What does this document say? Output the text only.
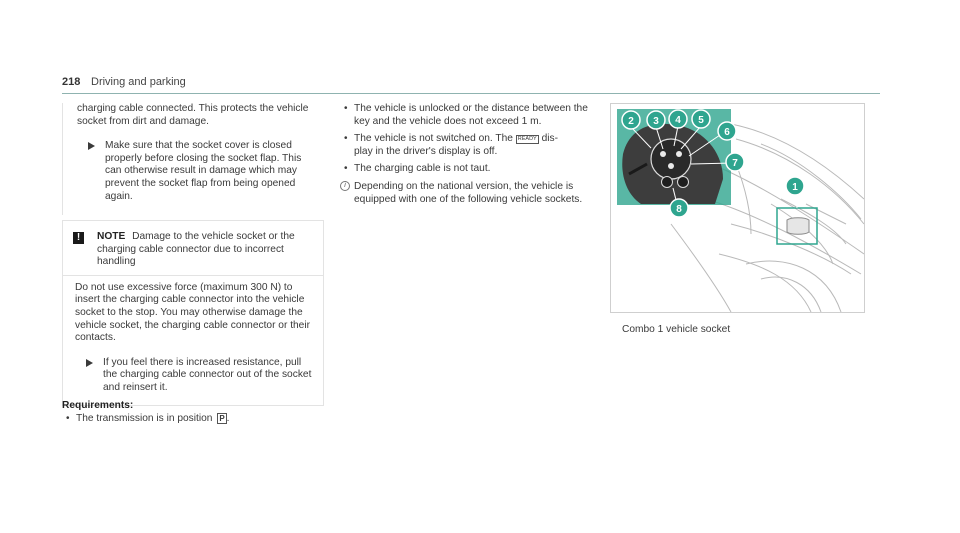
218 Driving and parking

charging cable connected. This protects the vehicle socket from dirt and damage.

Make sure that the socket cover is closed properly before closing the socket flap. This can otherwise result in damage which may prevent the socket flap from being opened again.
!	NOTE Damage to the vehicle socket or the charging cable connector due to incorrect handling

Do not use excessive force (maximum 300 N) to insert the charging cable connector into the vehicle socket to the stop. You may otherwise damage the vehicle socket, the charging cable connector or their contacts.

If you feel there is increased resistance, pull the charging cable connector out of the socket and reinsert it.
Requirements:
• The transmission is in position P .
• The vehicle is unlocked or the distance between the key and the vehicle does not exceed 1 m.
• The vehicle is not switched on. The READY dis-
play in the driver's display is off.
• The charging cable is not taut.
i Depending on the national version, the vehicle is equipped with one of the following vehicle sockets.
2 3 4 5
6
7
8
1
Combo 1 vehicle socket
